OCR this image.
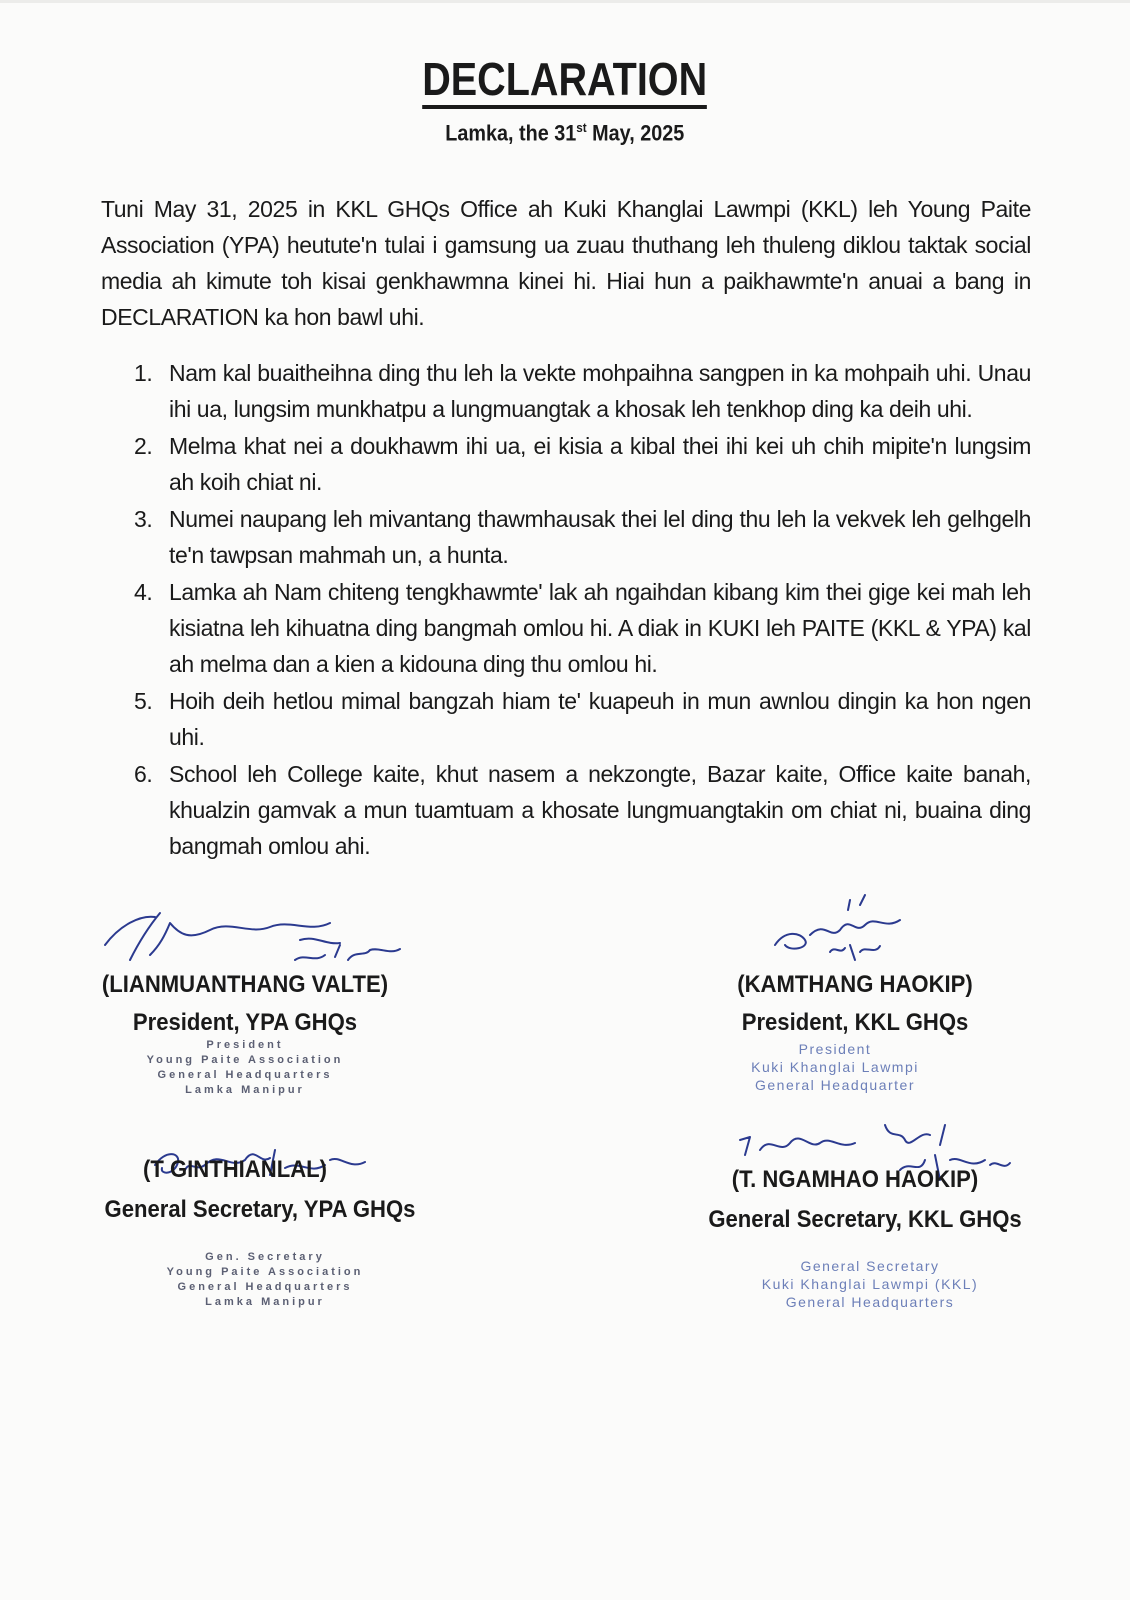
DECLARATION
Lamka, the 31st May, 2025
Tuni May 31, 2025 in KKL GHQs Office ah Kuki Khanglai Lawmpi (KKL) leh Young Paite Association (YPA) heutute'n tulai i gamsung ua zuau thuthang leh thuleng diklou taktak social media ah kimute toh kisai genkhawmna kinei hi. Hiai hun a paikhawmte'n anuai a bang in DECLARATION ka hon bawl uhi.
1. Nam kal buaitheihna ding thu leh la vekte mohpaihna sangpen in ka mohpaih uhi. Unau ihi ua, lungsim munkhatpu a lungmuangtak a khosak leh tenkhop ding ka deih uhi.
2. Melma khat nei a doukhawm ihi ua, ei kisia a kibal thei ihi kei uh chih mipite'n lungsim ah koih chiat ni.
3. Numei naupang leh mivantang thawmhausak thei lel ding thu leh la vekvek leh gelhgelh te'n tawpsan mahmah un, a hunta.
4. Lamka ah Nam chiteng tengkhawmte' lak ah ngaihdan kibang kim thei gige kei mah leh kisiatna leh kihuatna ding bangmah omlou hi. A diak in KUKI leh PAITE (KKL & YPA) kal ah melma dan a kien a kidouna ding thu omlou hi.
5. Hoih deih hetlou mimal bangzah hiam te' kuapeuh in mun awnlou dingin ka hon ngen uhi.
6. School leh College kaite, khut nasem a nekzongte, Bazar kaite, Office kaite banah, khualzin gamvak a mun tuamtuam a khosate lungmuangtakin om chiat ni, buaina ding bangmah omlou ahi.
(LIANMUANTHANG VALTE)
President, YPA GHQs
President
Young Paite Association
General Headquarters
Lamka Manipur
(KAMTHANG HAOKIP)
President, KKL GHQs
President
Kuki Khanglai Lawmpi
General Headquarter
(T GINTHIANLAL)
General Secretary, YPA GHQs
Gen. Secretary
Young Paite Association
General Headquarters
Lamka Manipur
(T. NGAMHAO HAOKIP)
General Secretary, KKL GHQs
General Secretary
Kuki Khanglai Lawmpi (KKL)
General Headquarters
